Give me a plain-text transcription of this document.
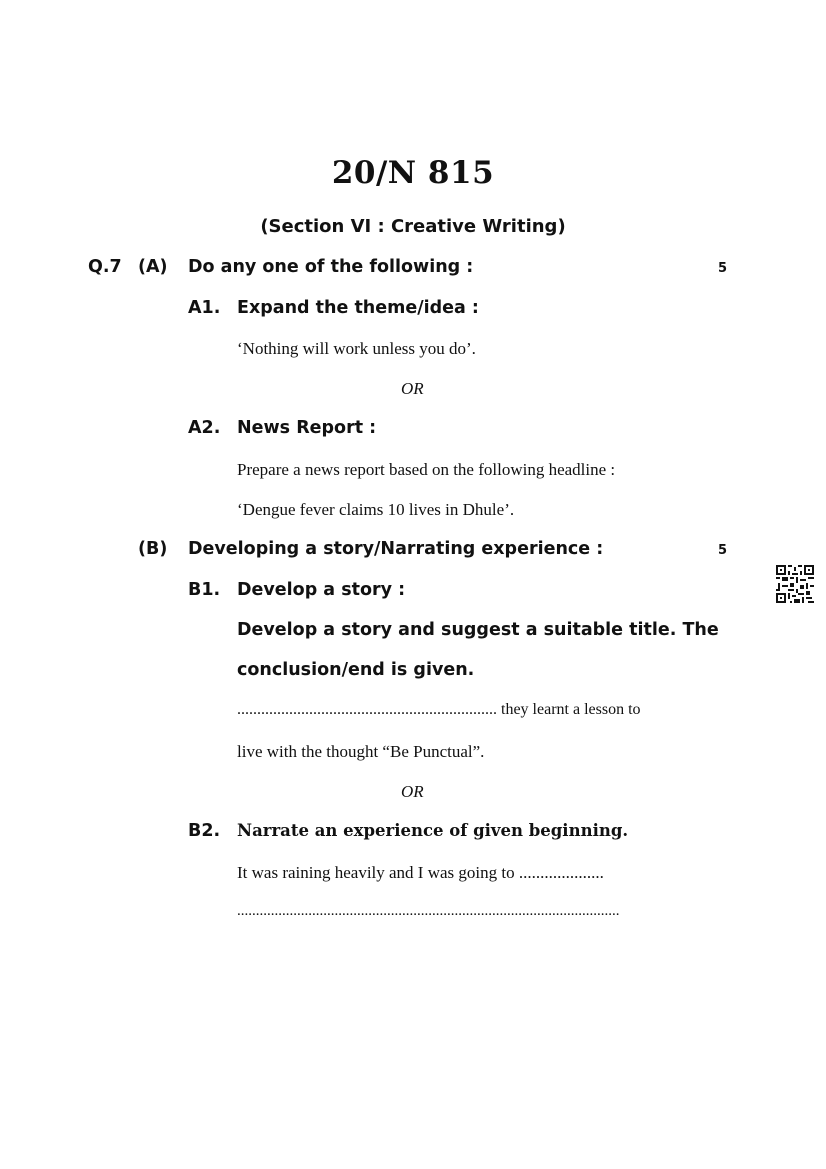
20/N 815
(Section VI : Creative Writing)
Q.7 (A) Do any one of the following :	5
A1. Expand the theme/idea :
‘Nothing will work unless you do’.
OR
A2. News Report :
Prepare a news report based on the following headline :
‘Dengue fever claims 10 lives in Dhule’.
(B) Developing a story/Narrating experience :	5
B1. Develop a story :
Develop a story and suggest a suitable title. The
conclusion/end is given.
................................................................. they learnt a lesson to
live with the thought “Be Punctual”.
OR
B2. Narrate an experience of given beginning.
It was raining heavily and I was going to ....................
......................................................................................................
